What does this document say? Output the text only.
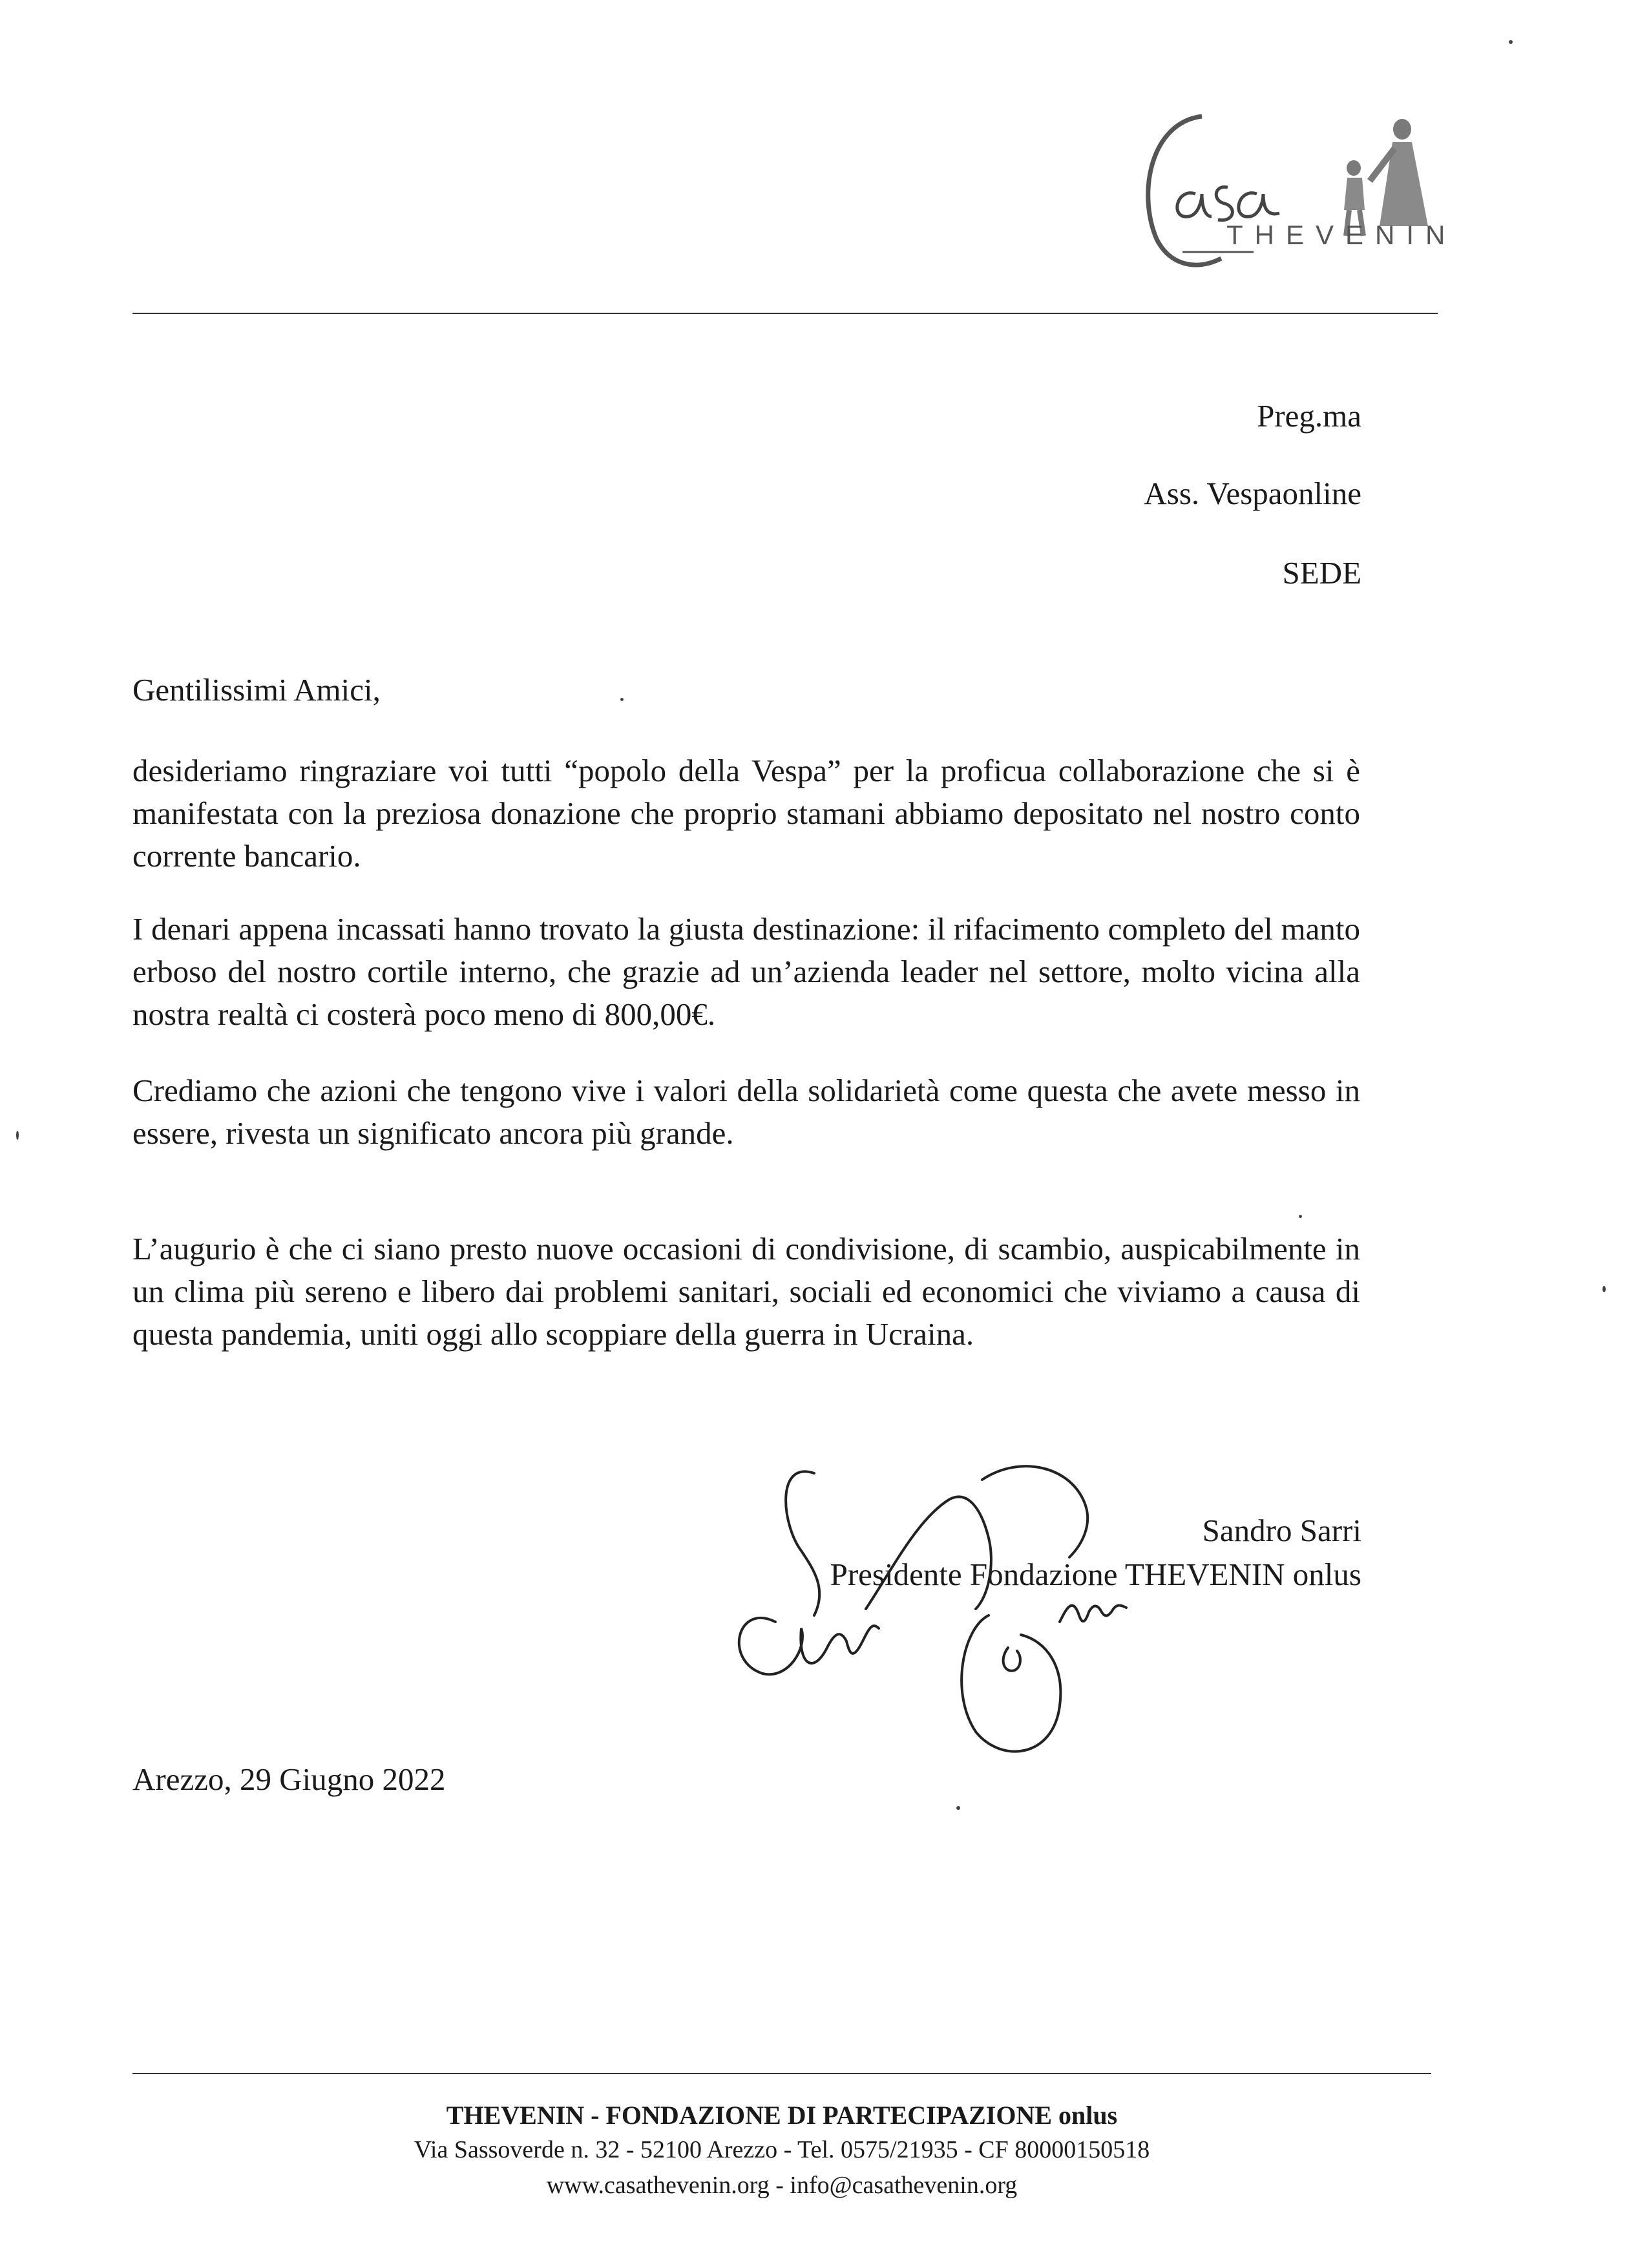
THEVENIN
Preg.ma
Ass. Vespaonline
SEDE
Gentilissimi Amici,
desideriamo ringraziare voi tutti “popolo della Vespa” per la proficua collaborazione che si è manifestata con la preziosa donazione che proprio stamani abbiamo depositato nel nostro conto corrente bancario.
I denari appena incassati hanno trovato la giusta destinazione: il rifacimento completo del manto erboso del nostro cortile interno, che grazie ad un’azienda leader nel settore, molto vicina alla nostra realtà ci costerà poco meno di 800,00€.
Crediamo che azioni che tengono vive i valori della solidarietà come questa che avete messo in essere, rivesta un significato ancora più grande.
L’augurio è che ci siano presto nuove occasioni di condivisione, di scambio, auspicabilmente in un clima più sereno e libero dai problemi sanitari, sociali ed economici che viviamo a causa di questa pandemia, uniti oggi allo scoppiare della guerra in Ucraina.
Sandro Sarri
Presidente Fondazione THEVENIN onlus
Arezzo, 29 Giugno 2022
THEVENIN - FONDAZIONE DI PARTECIPAZIONE onlus
Via Sassoverde n. 32 - 52100 Arezzo - Tel. 0575/21935 - CF 80000150518
www.casathevenin.org - info@casathevenin.org
